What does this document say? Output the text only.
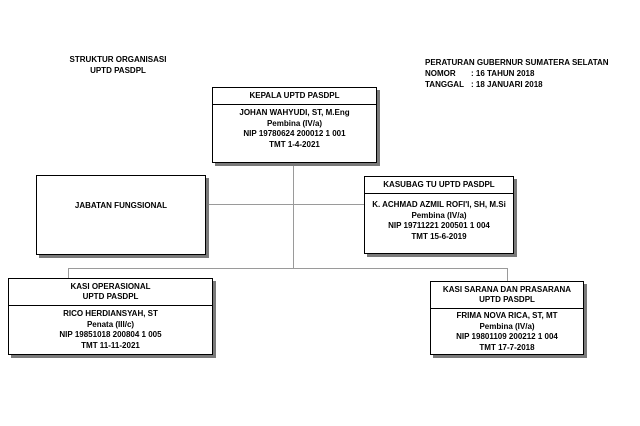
STRUKTUR ORGANISASI
UPTD PASDPL
PERATURAN GUBERNUR SUMATERA SELATAN
NOMOR : 16 TAHUN 2018
TANGGAL : 18 JANUARI 2018
KEPALA UPTD PASDPL
JOHAN WAHYUDI, ST, M.Eng
Pembina (IV/a)
NIP 19780624 200012 1 001
TMT 1-4-2021
JABATAN FUNGSIONAL
KASUBAG TU UPTD PASDPL
K. ACHMAD AZMIL ROFI'I, SH, M.Si
Pembina (IV/a)
NIP 19711221 200501 1 004
TMT 15-6-2019
KASI OPERASIONAL
UPTD PASDPL
RICO HERDIANSYAH, ST
Penata (III/c)
NIP 19851018 200804 1 005
TMT 11-11-2021
KASI SARANA DAN PRASARANA
UPTD PASDPL
FRIMA NOVA RICA, ST, MT
Pembina (IV/a)
NIP 19801109 200212 1 004
TMT 17-7-2018
